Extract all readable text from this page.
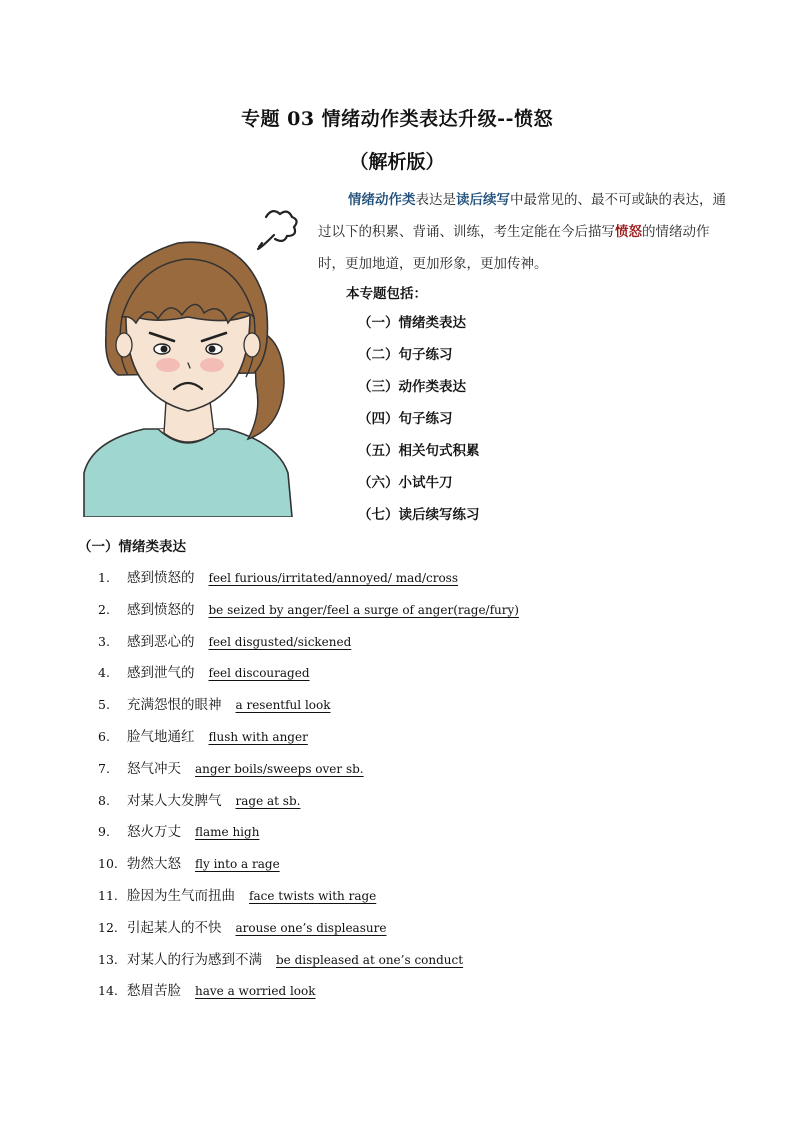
专题 03 情绪动作类表达升级--愤怒
（解析版）
情绪动作类表达是读后续写中最常见的、最不可或缺的表达，通过以下的积累、背诵、训练，考生定能在今后描写愤怒的情绪动作时，更加地道，更加形象，更加传神。
本专题包括：
（一）情绪类表达
（二）句子练习
（三）动作类表达
（四）句子练习
（五）相关句式积累
（六）小试牛刀
（七）读后续写练习
（一）情绪类表达
1. 感到愤怒的 feel furious/irritated/annoyed/ mad/cross
2. 感到愤怒的 be seized by anger/feel a surge of anger(rage/fury)
3. 感到恶心的 feel disgusted/sickened
4. 感到泄气的 feel discouraged
5. 充满怨恨的眼神 a resentful look
6. 脸气地通红 flush with anger
7. 怒气冲天 anger boils/sweeps over sb.
8. 对某人大发脾气 rage at sb.
9. 怒火万丈 flame high
10. 勃然大怒 fly into a rage
11. 脸因为生气而扭曲 face twists with rage
12. 引起某人的不快 arouse one’s displeasure
13. 对某人的行为感到不满 be displeased at one’s conduct
14. 愁眉苦脸 have a worried look
